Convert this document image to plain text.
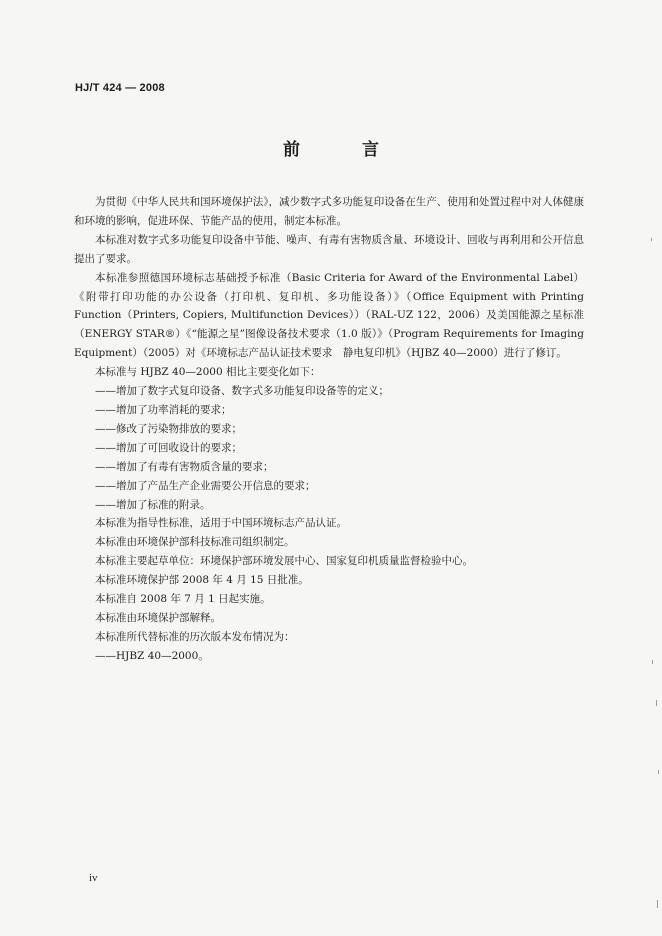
HJ/T 424 — 2008
前 言

为贯彻《中华人民共和国环境保护法》，减少数字式多功能复印设备在生产、使用和处置过程中对人体健康和环境的影响，促进环保、节能产品的使用，制定本标准。

本标准对数字式多功能复印设备中节能、噪声、有毒有害物质含量、环境设计、回收与再利用和公开信息提出了要求。

本标准参照德国环境标志基础授予标准（Basic Criteria for Award of the Environmental Label）《附带打印功能的办公设备（打印机、复印机、多功能设备）》（Office Equipment with Printing Function（Printers, Copiers, Multifunction Devices））（RAL-UZ 122，2006）及美国能源之星标准（ENERGY STAR®）《“能源之星”图像设备技术要求（1.0 版）》（Program Requirements for Imaging Equipment）（2005）对《环境标志产品认证技术要求　静电复印机》（HJBZ 40—2000）进行了修订。

本标准与 HJBZ 40—2000 相比主要变化如下：

——增加了数字式复印设备、数字式多功能复印设备等的定义；

——增加了功率消耗的要求；

——修改了污染物排放的要求；

——增加了可回收设计的要求；

——增加了有毒有害物质含量的要求；

——增加了产品生产企业需要公开信息的要求；

——增加了标准的附录。

本标准为指导性标准，适用于中国环境标志产品认证。

本标准由环境保护部科技标准司组织制定。

本标准主要起草单位：环境保护部环境发展中心、国家复印机质量监督检验中心。

本标准环境保护部 2008 年 4 月 15 日批准。

本标准自 2008 年 7 月 1 日起实施。

本标准由环境保护部解释。

本标准所代替标准的历次版本发布情况为：

——HJBZ 40—2000。

iv
